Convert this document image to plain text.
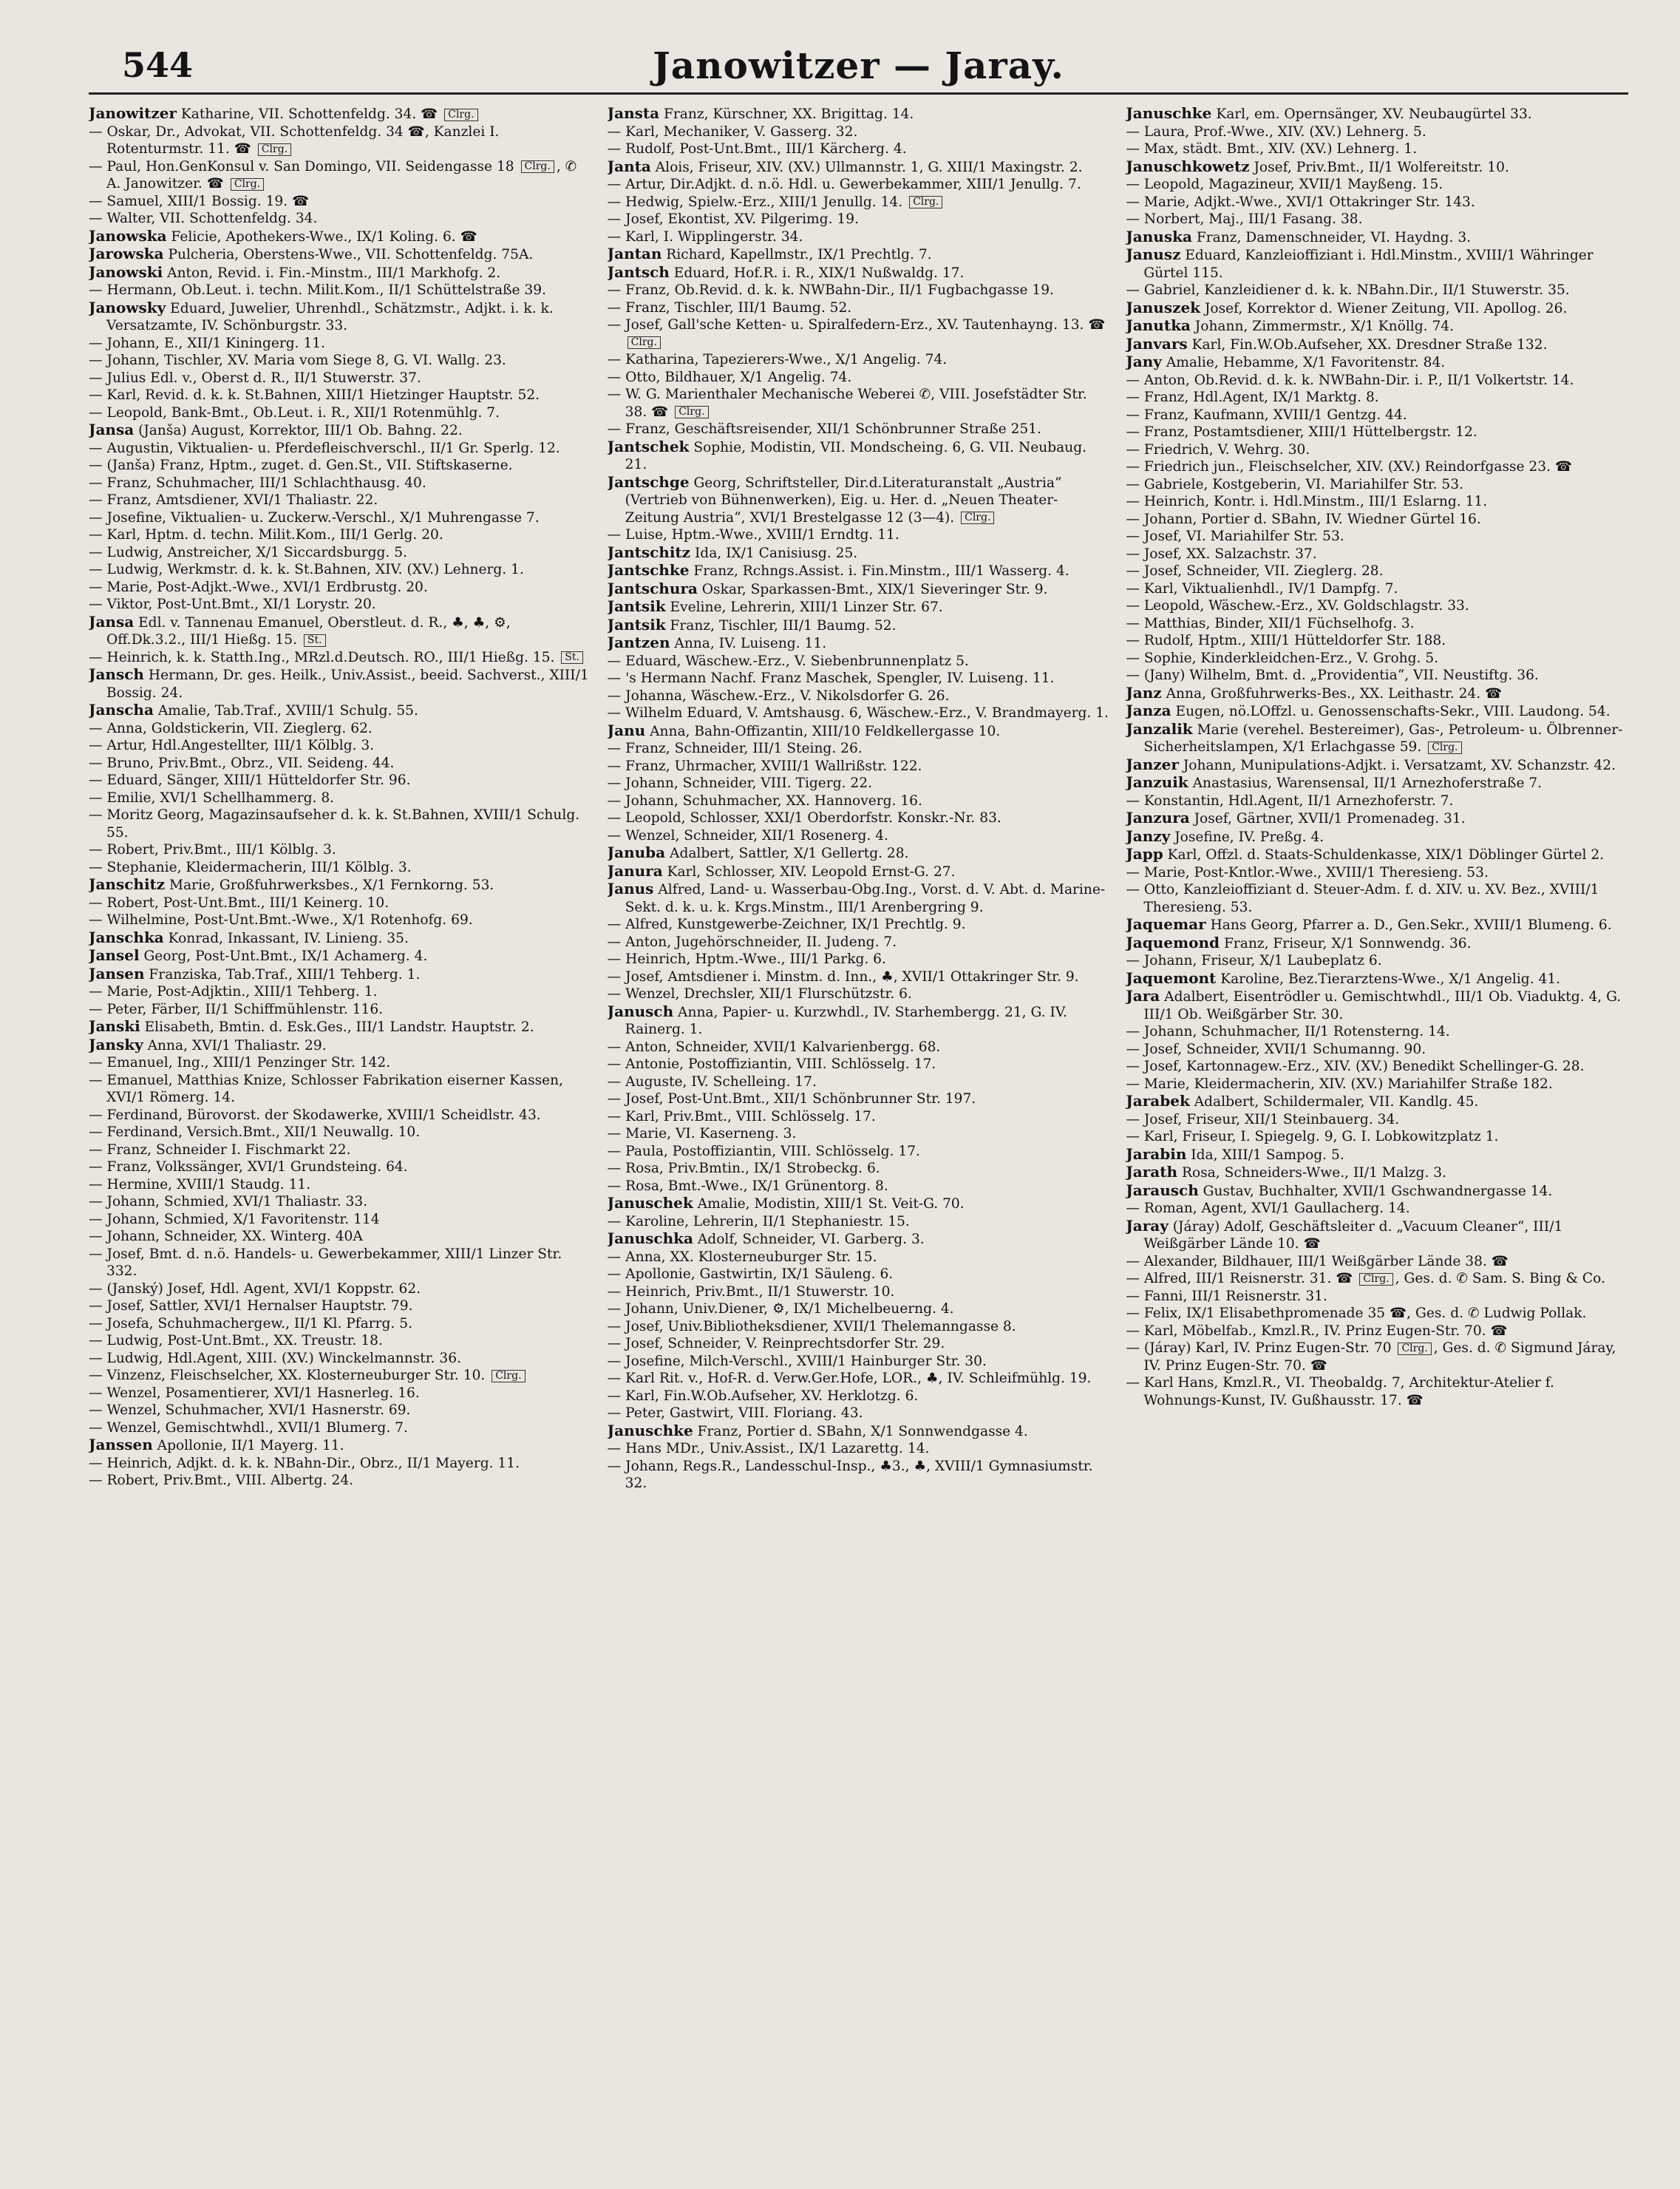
544	Janowitzer — Jaray.

Janowitzer Katharine, VII. Schottenfeldg. 34. ☎ Clrg.

— Oskar, Dr., Advokat, VII. Schottenfeldg. 34 ☎, Kanzlei I. Rotenturmstr. 11. ☎ Clrg.

— Paul, Hon.GenKonsul v. San Domingo, VII. Seidengasse 18 Clrg. , ✆ A. Janowitzer. ☎ Clrg.

— Samuel, XIII/1 Bossig. 19. ☎

— Walter, VII. Schottenfeldg. 34.

Janowska Felicie, Apothekers-Wwe., IX/1 Koling. 6. ☎

Jarowska Pulcheria, Oberstens-Wwe., VII. Schottenfeldg. 75A.

Janowski Anton, Revid. i. Fin.-Minstm., III/1 Markhofg. 2.

— Hermann, Ob.Leut. i. techn. Milit.Kom., II/1 Schüttelstraße 39.

Janowsky Eduard, Juwelier, Uhrenhdl., Schätzmstr., Adjkt. i. k. k. Versatzamte, IV. Schönburgstr. 33.

— Johann, E., XII/1 Kiningerg. 11.

— Johann, Tischler, XV. Maria vom Siege 8, G. VI. Wallg. 23.

— Julius Edl. v., Oberst d. R., II/1 Stuwerstr. 37.

— Karl, Revid. d. k. k. St.Bahnen, XIII/1 Hietzinger Hauptstr. 52.

— Leopold, Bank-Bmt., Ob.Leut. i. R., XII/1 Rotenmühlg. 7.

Jansa (Janša) August, Korrektor, III/1 Ob. Bahng. 22.

— Augustin, Viktualien- u. Pferdefleischverschl., II/1 Gr. Sperlg. 12.

— (Janša) Franz, Hptm., zuget. d. Gen.St., VII. Stiftskaserne.

— Franz, Schuhmacher, III/1 Schlachthausg. 40.

— Franz, Amtsdiener, XVI/1 Thaliastr. 22.

— Josefine, Viktualien- u. Zuckerw.-Verschl., X/1 Muhrengasse 7.

— Karl, Hptm. d. techn. Milit.Kom., III/1 Gerlg. 20.

— Ludwig, Anstreicher, X/1 Siccardsburgg. 5.

— Ludwig, Werkmstr. d. k. k. St.Bahnen, XIV. (XV.) Lehnerg. 1.

— Marie, Post-Adjkt.-Wwe., XVI/1 Erdbrustg. 20.

— Viktor, Post-Unt.Bmt., XI/1 Lorystr. 20.

Jansa Edl. v. Tannenau Emanuel, Oberstleut. d. R., ♣, ♣, ⚙, Off.Dk.3.2., III/1 Hießg. 15. St.

— Heinrich, k. k. Statth.Ing., MRzl.d.Deutsch. RO., III/1 Hießg. 15. St.

Jansch Hermann, Dr. ges. Heilk., Univ.Assist., beeid. Sachverst., XIII/1 Bossig. 24.

Janscha Amalie, Tab.Traf., XVIII/1 Schulg. 55.

— Anna, Goldstickerin, VII. Zieglerg. 62.

— Artur, Hdl.Angestellter, III/1 Kölblg. 3.

— Bruno, Priv.Bmt., Obrz., VII. Seideng. 44.

— Eduard, Sänger, XIII/1 Hütteldorfer Str. 96.

— Emilie, XVI/1 Schellhammerg. 8.

— Moritz Georg, Magazinsaufseher d. k. k. St.Bahnen, XVIII/1 Schulg. 55.

— Robert, Priv.Bmt., III/1 Kölblg. 3.

— Stephanie, Kleidermacherin, III/1 Kölblg. 3.

Janschitz Marie, Großfuhrwerksbes., X/1 Fernkorng. 53.

— Robert, Post-Unt.Bmt., III/1 Keinerg. 10.

— Wilhelmine, Post-Unt.Bmt.-Wwe., X/1 Rotenhofg. 69.

Janschka Konrad, Inkassant, IV. Linieng. 35.

Jansel Georg, Post-Unt.Bmt., IX/1 Achamerg. 4.

Jansen Franziska, Tab.Traf., XIII/1 Tehberg. 1.

— Marie, Post-Adjktin., XIII/1 Tehberg. 1.

— Peter, Färber, II/1 Schiffmühlenstr. 116.

Janski Elisabeth, Bmtin. d. Esk.Ges., III/1 Landstr. Hauptstr. 2.

Jansky Anna, XVI/1 Thaliastr. 29.

— Emanuel, Ing., XIII/1 Penzinger Str. 142.

— Emanuel, Matthias Knize, Schlosser Fabrikation eiserner Kassen, XVI/1 Römerg. 14.

— Ferdinand, Bürovorst. der Skodawerke, XVIII/1 Scheidlstr. 43.

— Ferdinand, Versich.Bmt., XII/1 Neuwallg. 10.

— Franz, Schneider I. Fischmarkt 22.

— Franz, Volkssänger, XVI/1 Grundsteing. 64.

— Hermine, XVIII/1 Staudg. 11.

— Johann, Schmied, XVI/1 Thaliastr. 33.

— Johann, Schmied, X/1 Favoritenstr. 114

— Johann, Schneider, XX. Winterg. 40A

— Josef, Bmt. d. n.ö. Handels- u. Gewerbekammer, XIII/1 Linzer Str. 332.

— (Janský) Josef, Hdl. Agent, XVI/1 Koppstr. 62.

— Josef, Sattler, XVI/1 Hernalser Hauptstr. 79.

— Josefa, Schuhmachergew., II/1 Kl. Pfarrg. 5.

— Ludwig, Post-Unt.Bmt., XX. Treustr. 18.

— Ludwig, Hdl.Agent, XIII. (XV.) Winckelmannstr. 36.

— Vinzenz, Fleischselcher, XX. Klosterneuburger Str. 10. Clrg.

— Wenzel, Posamentierer, XVI/1 Hasnerleg. 16.

— Wenzel, Schuhmacher, XVI/1 Hasnerstr. 69.

— Wenzel, Gemischtwhdl., XVII/1 Blumerg. 7.

Janssen Apollonie, II/1 Mayerg. 11.

— Heinrich, Adjkt. d. k. k. NBahn-Dir., Obrz., II/1 Mayerg. 11.

— Robert, Priv.Bmt., VIII. Albertg. 24.

Jansta Franz, Kürschner, XX. Brigittag. 14.

— Karl, Mechaniker, V. Gasserg. 32.

— Rudolf, Post-Unt.Bmt., III/1 Kärcherg. 4.

Janta Alois, Friseur, XIV. (XV.) Ullmannstr. 1, G. XIII/1 Maxingstr. 2.

— Artur, Dir.Adjkt. d. n.ö. Hdl. u. Gewerbekammer, XIII/1 Jenullg. 7.

— Hedwig, Spielw.-Erz., XIII/1 Jenullg. 14. Clrg.

— Josef, Ekontist, XV. Pilgerimg. 19.

— Karl, I. Wipplingerstr. 34.

Jantan Richard, Kapellmstr., IX/1 Prechtlg. 7.

Jantsch Eduard, Hof.R. i. R., XIX/1 Nußwaldg. 17.

— Franz, Ob.Revid. d. k. k. NWBahn-Dir., II/1 Fugbachgasse 19.

— Franz, Tischler, III/1 Baumg. 52.

— Josef, Gall'sche Ketten- u. Spiralfedern-Erz., XV. Tautenhayng. 13. ☎ Clrg.

— Katharina, Tapezierers-Wwe., X/1 Angelig. 74.

— Otto, Bildhauer, X/1 Angelig. 74.

— W. G. Marienthaler Mechanische Weberei ✆, VIII. Josefstädter Str. 38. ☎ Clrg.

— Franz, Geschäftsreisender, XII/1 Schönbrunner Straße 251.

Jantschek Sophie, Modistin, VII. Mondscheing. 6, G. VII. Neubaug. 21.

Jantschge Georg, Schriftsteller, Dir.d.Literaturanstalt „Austria“ (Vertrieb von Bühnenwerken), Eig. u. Her. d. „Neuen Theater-Zeitung Austria“, XVI/1 Brestelgasse 12 (3—4). Clrg.

— Luise, Hptm.-Wwe., XVIII/1 Erndtg. 11.

Jantschitz Ida, IX/1 Canisiusg. 25.

Jantschke Franz, Rchngs.Assist. i. Fin.Minstm., III/1 Wasserg. 4.

Jantschura Oskar, Sparkassen-Bmt., XIX/1 Sieveringer Str. 9.

Jantsik Eveline, Lehrerin, XIII/1 Linzer Str. 67.

Jantsik Franz, Tischler, III/1 Baumg. 52.

Jantzen Anna, IV. Luiseng. 11.

— Eduard, Wäschew.-Erz., V. Siebenbrunnenplatz 5.

— 's Hermann Nachf. Franz Maschek, Spengler, IV. Luiseng. 11.

— Johanna, Wäschew.-Erz., V. Nikolsdorfer G. 26.

— Wilhelm Eduard, V. Amtshausg. 6, Wäschew.-Erz., V. Brandmayerg. 1.

Janu Anna, Bahn-Offizantin, XIII/10 Feldkellergasse 10.

— Franz, Schneider, III/1 Steing. 26.

— Franz, Uhrmacher, XVIII/1 Wallrißstr. 122.

— Johann, Schneider, VIII. Tigerg. 22.

— Johann, Schuhmacher, XX. Hannoverg. 16.

— Leopold, Schlosser, XXI/1 Oberdorfstr. Konskr.-Nr. 83.

— Wenzel, Schneider, XII/1 Rosenerg. 4.

Januba Adalbert, Sattler, X/1 Gellertg. 28.

Janura Karl, Schlosser, XIV. Leopold Ernst-G. 27.

Janus Alfred, Land- u. Wasserbau-Obg.Ing., Vorst. d. V. Abt. d. Marine-Sekt. d. k. u. k. Krgs.Minstm., III/1 Arenbergring 9.

— Alfred, Kunstgewerbe-Zeichner, IX/1 Prechtlg. 9.

— Anton, Jugehörschneider, II. Judeng. 7.

— Heinrich, Hptm.-Wwe., III/1 Parkg. 6.

— Josef, Amtsdiener i. Minstm. d. Inn., ♣, XVII/1 Ottakringer Str. 9.

— Wenzel, Drechsler, XII/1 Flurschützstr. 6.

Janusch Anna, Papier- u. Kurzwhdl., IV. Starhembergg. 21, G. IV. Rainerg. 1.

— Anton, Schneider, XVII/1 Kalvarienbergg. 68.

— Antonie, Postoffiziantin, VIII. Schlösselg. 17.

— Auguste, IV. Schelleing. 17.

— Josef, Post-Unt.Bmt., XII/1 Schönbrunner Str. 197.

— Karl, Priv.Bmt., VIII. Schlösselg. 17.

— Marie, VI. Kaserneng. 3.

— Paula, Postoffiziantin, VIII. Schlösselg. 17.

— Rosa, Priv.Bmtin., IX/1 Strobeckg. 6.

— Rosa, Bmt.-Wwe., IX/1 Grünentorg. 8.

Januschek Amalie, Modistin, XIII/1 St. Veit-G. 70.

— Karoline, Lehrerin, II/1 Stephaniestr. 15.

Januschka Adolf, Schneider, VI. Garberg. 3.

— Anna, XX. Klosterneuburger Str. 15.

— Apollonie, Gastwirtin, IX/1 Säuleng. 6.

— Heinrich, Priv.Bmt., II/1 Stuwerstr. 10.

— Johann, Univ.Diener, ⚙, IX/1 Michelbeuerng. 4.

— Josef, Univ.Bibliotheksdiener, XVII/1 Thelemanngasse 8.

— Josef, Schneider, V. Reinprechtsdorfer Str. 29.

— Josefine, Milch-Verschl., XVIII/1 Hainburger Str. 30.

— Karl Rit. v., Hof-R. d. Verw.Ger.Hofe, LOR., ♣, IV. Schleifmühlg. 19.

— Karl, Fin.W.Ob.Aufseher, XV. Herklotzg. 6.

— Peter, Gastwirt, VIII. Floriang. 43.

Januschke Franz, Portier d. SBahn, X/1 Sonnwendgasse 4.

— Hans MDr., Univ.Assist., IX/1 Lazarettg. 14.

— Johann, Regs.R., Landesschul-Insp., ♣3., ♣, XVIII/1 Gymnasiumstr. 32.

Januschke Karl, em. Opernsänger, XV. Neubaugürtel 33.

— Laura, Prof.-Wwe., XIV. (XV.) Lehnerg. 5.

— Max, städt. Bmt., XIV. (XV.) Lehnerg. 1.

Januschkowetz Josef, Priv.Bmt., II/1 Wolfereitstr. 10.

— Leopold, Magazineur, XVII/1 Mayßeng. 15.

— Marie, Adjkt.-Wwe., XVI/1 Ottakringer Str. 143.

— Norbert, Maj., III/1 Fasang. 38.

Januska Franz, Damenschneider, VI. Haydng. 3.

Janusz Eduard, Kanzleioffiziant i. Hdl.Minstm., XVIII/1 Währinger Gürtel 115.

— Gabriel, Kanzleidiener d. k. k. NBahn.Dir., II/1 Stuwerstr. 35.

Januszek Josef, Korrektor d. Wiener Zeitung, VII. Apollog. 26.

Janutka Johann, Zimmermstr., X/1 Knöllg. 74.

Janvars Karl, Fin.W.Ob.Aufseher, XX. Dresdner Straße 132.

Jany Amalie, Hebamme, X/1 Favoritenstr. 84.

— Anton, Ob.Revid. d. k. k. NWBahn-Dir. i. P., II/1 Volkertstr. 14.

— Franz, Hdl.Agent, IX/1 Marktg. 8.

— Franz, Kaufmann, XVIII/1 Gentzg. 44.

— Franz, Postamtsdiener, XIII/1 Hüttelbergstr. 12.

— Friedrich, V. Wehrg. 30.

— Friedrich jun., Fleischselcher, XIV. (XV.) Reindorfgasse 23. ☎

— Gabriele, Kostgeberin, VI. Mariahilfer Str. 53.

— Heinrich, Kontr. i. Hdl.Minstm., III/1 Eslarng. 11.

— Johann, Portier d. SBahn, IV. Wiedner Gürtel 16.

— Josef, VI. Mariahilfer Str. 53.

— Josef, XX. Salzachstr. 37.

— Josef, Schneider, VII. Zieglerg. 28.

— Karl, Viktualienhdl., IV/1 Dampfg. 7.

— Leopold, Wäschew.-Erz., XV. Goldschlagstr. 33.

— Matthias, Binder, XII/1 Füchselhofg. 3.

— Rudolf, Hptm., XIII/1 Hütteldorfer Str. 188.

— Sophie, Kinderkleidchen-Erz., V. Grohg. 5.

— (Jany) Wilhelm, Bmt. d. „Providentia“, VII. Neustiftg. 36.

Janz Anna, Großfuhrwerks-Bes., XX. Leithastr. 24. ☎

Janza Eugen, nö.LOffzl. u. Genossenschafts-Sekr., VIII. Laudong. 54.

Janzalik Marie (verehel. Bestereimer), Gas-, Petroleum- u. Ölbrenner-Sicherheitslampen, X/1 Erlachgasse 59. Clrg.

Janzer Johann, Munipulations-Adjkt. i. Versatzamt, XV. Schanzstr. 42.

Janzuik Anastasius, Warensensal, II/1 Arnezhoferstraße 7.

— Konstantin, Hdl.Agent, II/1 Arnezhoferstr. 7.

Janzura Josef, Gärtner, XVII/1 Promenadeg. 31.

Janzy Josefine, IV. Preßg. 4.

Japp Karl, Offzl. d. Staats-Schuldenkasse, XIX/1 Döblinger Gürtel 2.

— Marie, Post-Kntlor.-Wwe., XVIII/1 Theresieng. 53.

— Otto, Kanzleioffiziant d. Steuer-Adm. f. d. XIV. u. XV. Bez., XVIII/1 Theresieng. 53.

Jaquemar Hans Georg, Pfarrer a. D., Gen.Sekr., XVIII/1 Blumeng. 6.

Jaquemond Franz, Friseur, X/1 Sonnwendg. 36.

— Johann, Friseur, X/1 Laubeplatz 6.

Jaquemont Karoline, Bez.Tierarztens-Wwe., X/1 Angelig. 41.

Jara Adalbert, Eisentrödler u. Gemischtwhdl., III/1 Ob. Viaduktg. 4, G. III/1 Ob. Weißgärber Str. 30.

— Johann, Schuhmacher, II/1 Rotensterng. 14.

— Josef, Schneider, XVII/1 Schumanng. 90.

— Josef, Kartonnagew.-Erz., XIV. (XV.) Benedikt Schellinger-G. 28.

— Marie, Kleidermacherin, XIV. (XV.) Mariahilfer Straße 182.

Jarabek Adalbert, Schildermaler, VII. Kandlg. 45.

— Josef, Friseur, XII/1 Steinbauerg. 34.

— Karl, Friseur, I. Spiegelg. 9, G. I. Lobkowitzplatz 1.

Jarabin Ida, XIII/1 Sampog. 5.

Jarath Rosa, Schneiders-Wwe., II/1 Malzg. 3.

Jarausch Gustav, Buchhalter, XVII/1 Gschwandnergasse 14.

— Roman, Agent, XVI/1 Gaullacherg. 14.

Jaray (Járay) Adolf, Geschäftsleiter d. „Vacuum Cleaner“, III/1 Weißgärber Lände 10. ☎

— Alexander, Bildhauer, III/1 Weißgärber Lände 38. ☎

— Alfred, III/1 Reisnerstr. 31. ☎ Clrg. , Ges. d. ✆ Sam. S. Bing & Co.

— Fanni, III/1 Reisnerstr. 31.

— Felix, IX/1 Elisabethpromenade 35 ☎, Ges. d. ✆ Ludwig Pollak.

— Karl, Möbelfab., Kmzl.R., IV. Prinz Eugen-Str. 70. ☎

— (Járay) Karl, IV. Prinz Eugen-Str. 70 Clrg. , Ges. d. ✆ Sigmund Járay, IV. Prinz Eugen-Str. 70. ☎

— Karl Hans, Kmzl.R., VI. Theobaldg. 7, Architektur-Atelier f. Wohnungs-Kunst, IV. Gußhausstr. 17. ☎
